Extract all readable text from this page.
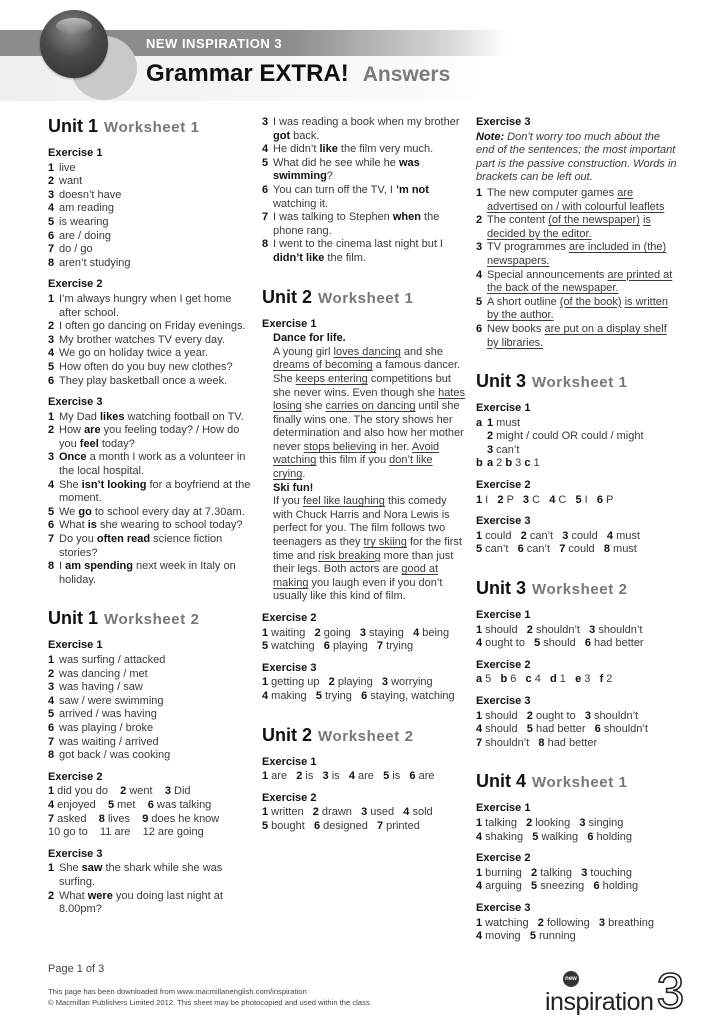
NEW INSPIRATION 3
Grammar EXTRA! Answers
Unit 1 Worksheet 1
Exercise 1
1 live
2 want
3 doesn’t have
4 am reading
5 is wearing
6 are / doing
7 do / go
8 aren’t studying
Exercise 2
1 I’m always hungry when I get home after school.
2 I often go dancing on Friday evenings.
3 My brother watches TV every day.
4 We go on holiday twice a year.
5 How often do you buy new clothes?
6 They play basketball once a week.
Exercise 3
1 My Dad likes watching football on TV.
2 How are you feeling today? / How do you feel today?
3 Once a month I work as a volunteer in the local hospital.
4 She isn’t looking for a boyfriend at the moment.
5 We go to school every day at 7.30am.
6 What is she wearing to school today?
7 Do you often read science fiction stories?
8 I am spending next week in Italy on holiday.
Unit 1 Worksheet 2
Exercise 1
1 was surfing / attacked
2 was dancing / met
3 was having / saw
4 saw / were swimming
5 arrived / was having
6 was playing / broke
7 was waiting / arrived
8 got back / was cooking
Exercise 2
1 did you do    2 went    3 Did
4 enjoyed    5 met    6 was talking
7 asked    8 lives    9 does he know
10 go to    11 are    12 are going
Exercise 3
1 She saw the shark while she was surfing.
2 What were you doing last night at 8.00pm?
3 I was reading a book when my brother got back.
4 He didn’t like the film very much.
5 What did he see while he was swimming?
6 You can turn off the TV, I ’m not watching it.
7 I was talking to Stephen when the phone rang.
8 I went to the cinema last night but I didn’t like the film.
Unit 2 Worksheet 1
Exercise 1
Dance for life.
A young girl loves dancing and she dreams of becoming a famous dancer. She keeps entering competitions but she never wins. Even though she hates losing she carries on dancing until she finally wins one. The story shows her determination and also how her mother never stops believing in her. Avoid watching this film if you don’t like crying.
Ski fun!
If you feel like laughing this comedy with Chuck Harris and Nora Lewis is perfect for you. The film follows two teenagers as they try skiing for the first time and risk breaking more than just their legs. Both actors are good at making you laugh even if you don’t usually like this kind of film.
Exercise 2
1 waiting   2 going   3 staying   4 being
5 watching   6 playing   7 trying
Exercise 3
1 getting up   2 playing   3 worrying
4 making   5 trying   6 staying, watching
Unit 2 Worksheet 2
Exercise 1
1 are   2 is   3 is   4 are   5 is   6 are
Exercise 2
1 written   2 drawn   3 used   4 sold
5 bought   6 designed   7 printed
Exercise 3
Note: Don’t worry too much about the end of the sentences; the most important part is the passive construction. Words in brackets can be left out.
1 The new computer games are advertised on / with colourful leaflets
2 The content (of the newspaper) is decided by the editor.
3 TV programmes are included in (the) newspapers.
4 Special announcements are printed at the back of the newspaper.
5 A short outline (of the book) is written by the author.
6 New books are put on a display shelf by libraries.
Unit 3 Worksheet 1
Exercise 1
a 1 must
2 might / could OR could / might
3 can’t
b a 2 b 3 c 1
Exercise 2
1 I   2 P   3 C   4 C   5 I   6 P
Exercise 3
1 could   2 can’t   3 could   4 must
5 can’t   6 can’t   7 could   8 must
Unit 3 Worksheet 2
Exercise 1
1 should   2 shouldn’t   3 shouldn’t
4 ought to   5 should   6 had better
Exercise 2
a 5   b 6   c 4   d 1   e 3   f 2
Exercise 3
1 should   2 ought to   3 shouldn’t
4 should   5 had better   6 shouldn’t
7 shouldn’t   8 had better
Unit 4 Worksheet 1
Exercise 1
1 talking   2 looking   3 singing
4 shaking   5 walking   6 holding
Exercise 2
1 burning   2 talking   3 touching
4 arguing   5 sneezing   6 holding
Exercise 3
1 watching   2 following   3 breathing
4 moving   5 running
Page 1 of 3
This page has been downloaded from www.macmillanenglish.com/inspiration
© Macmillan Publishers Limited 2012. This sheet may be photocopied and used within the class.
new
inspiration 3
